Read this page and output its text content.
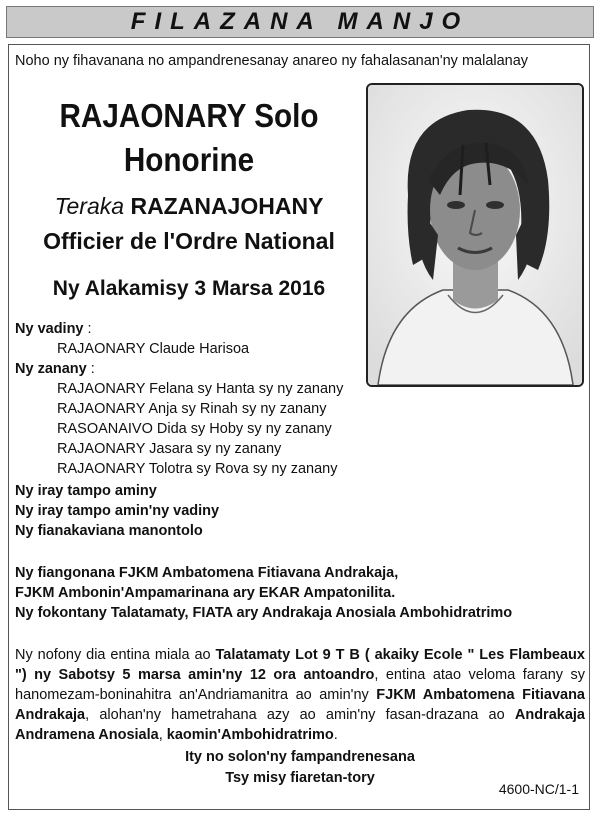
FILAZANA MANJO
Noho ny fihavanana no ampandrenesanay anareo ny fahalasanan'ny malalanay
RAJAONARY Solo
Honorine
Teraka RAZANAJOHANY
Officier de l'Ordre National
Ny Alakamisy 3 Marsa 2016
Ny vadiny :
RAJAONARY Claude Harisoa
Ny zanany :
RAJAONARY Felana sy Hanta sy ny zanany
RAJAONARY Anja sy Rinah sy ny zanany
RASOANAIVO Dida sy Hoby sy ny zanany
RAJAONARY Jasara sy ny zanany
RAJAONARY Tolotra sy Rova sy ny zanany
Ny iray tampo aminy
Ny iray tampo amin'ny vadiny
Ny fianakaviana manontolo
Ny fiangonana FJKM Ambatomena Fitiavana Andrakaja,
FJKM Ambonin'Ampamarinana ary EKAR Ampatonilita.
Ny fokontany Talatamaty, FIATA ary Andrakaja Anosiala Ambohidratrimo
Ny nofony dia entina miala ao Talatamaty Lot 9 T B ( akaiky Ecole " Les Flambeaux ") ny Sabotsy 5 marsa amin'ny 12 ora antoandro, entina atao veloma farany sy hanomezam-boninahitra an'Andriamanitra ao amin'ny FJKM Ambatomena Fitiavana Andrakaja, alohan'ny hametrahana azy ao amin'ny fasan-drazana ao Andrakaja Andramena Anosiala, kaomin'Ambohidratrimo.
Ity no solon'ny fampandrenesana
Tsy misy fiaretan-tory
4600-NC/1-1
